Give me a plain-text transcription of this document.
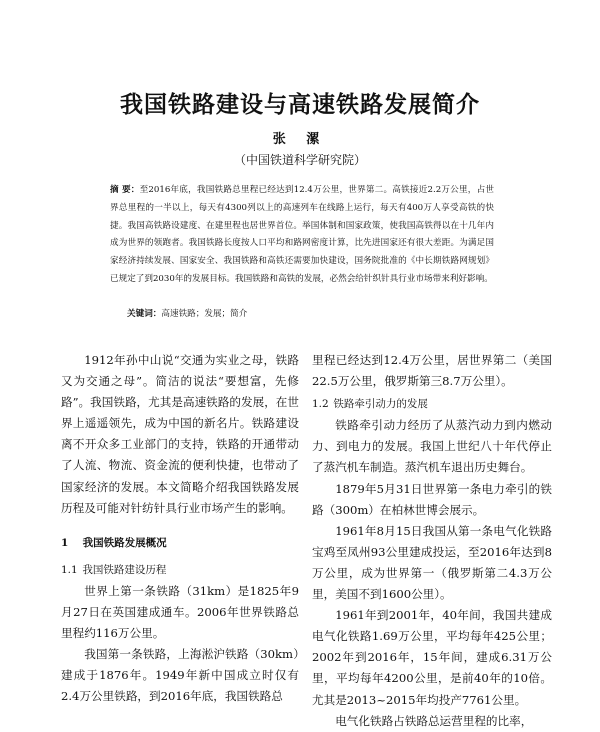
我国铁路建设与高速铁路发展简介
张 漯
（中国铁道科学研究院）
摘 要：至2016年底，我国铁路总里程已经达到12.4万公里，世界第二。高铁接近2.2万公里，占世界总里程的一半以上，每天有4300列以上的高速列车在线路上运行，每天有400万人享受高铁的快捷。我国高铁路设建度、在建里程也居世界首位。举国体制和国家政策，使我国高铁得以在十几年内成为世界的领跑者。我国铁路长度按人口平均和路网密度计算，比先进国家还有很大差距。为满足国家经济持续发展、国家安全、我国铁路和高铁还需要加快建设，国务院批准的《中长期铁路网规划》已规定了到2030年的发展目标。我国铁路和高铁的发展，必然会给针织针具行业市场带来利好影响。
关键词：高速铁路；发展；简介

1912年孙中山说“交通为实业之母，铁路又为交通之母”。简洁的说法“要想富，先修路”。我国铁路，尤其是高速铁路的发展，在世界上遥遥领先，成为中国的新名片。铁路建设离不开众多工业部门的支持，铁路的开通带动了人流、物流、资金流的便利快捷，也带动了国家经济的发展。本文简略介绍我国铁路发展历程及可能对针纺针具行业市场产生的影响。

1 我国铁路发展概况
1.1 我国铁路建设历程

世界上第一条铁路（31km）是1825年9月27日在英国建成通车。2006年世界铁路总里程约116万公里。

我国第一条铁路，上海淞沪铁路（30km）建成于1876年。1949年新中国成立时仅有2.4万公里铁路，到2016年底，我国铁路总

里程已经达到12.4万公里，居世界第二（美国22.5万公里，俄罗斯第三8.7万公里）。

1.2 铁路牵引动力的发展

铁路牵引动力经历了从蒸汽动力到内燃动力、到电力的发展。我国上世纪八十年代停止了蒸汽机车制造。蒸汽机车退出历史舞台。

1879年5月31日世界第一条电力牵引的铁路（300m）在柏林世博会展示。

1961年8月15日我国从第一条电气化铁路宝鸡至凤州93公里建成投运，至2016年达到8万公里，成为世界第一（俄罗斯第二4.3万公里，美国不到1600公里）。

1961年到2001年，40年间，我国共建成电气化铁路1.69万公里，平均每年425公里；2002年到2016年，15年间，建成6.31万公里，平均每年4200公里，是前40年的10倍。尤其是2013~2015年均投产7761公里。

电气化铁路占铁路总运营里程的比率，
